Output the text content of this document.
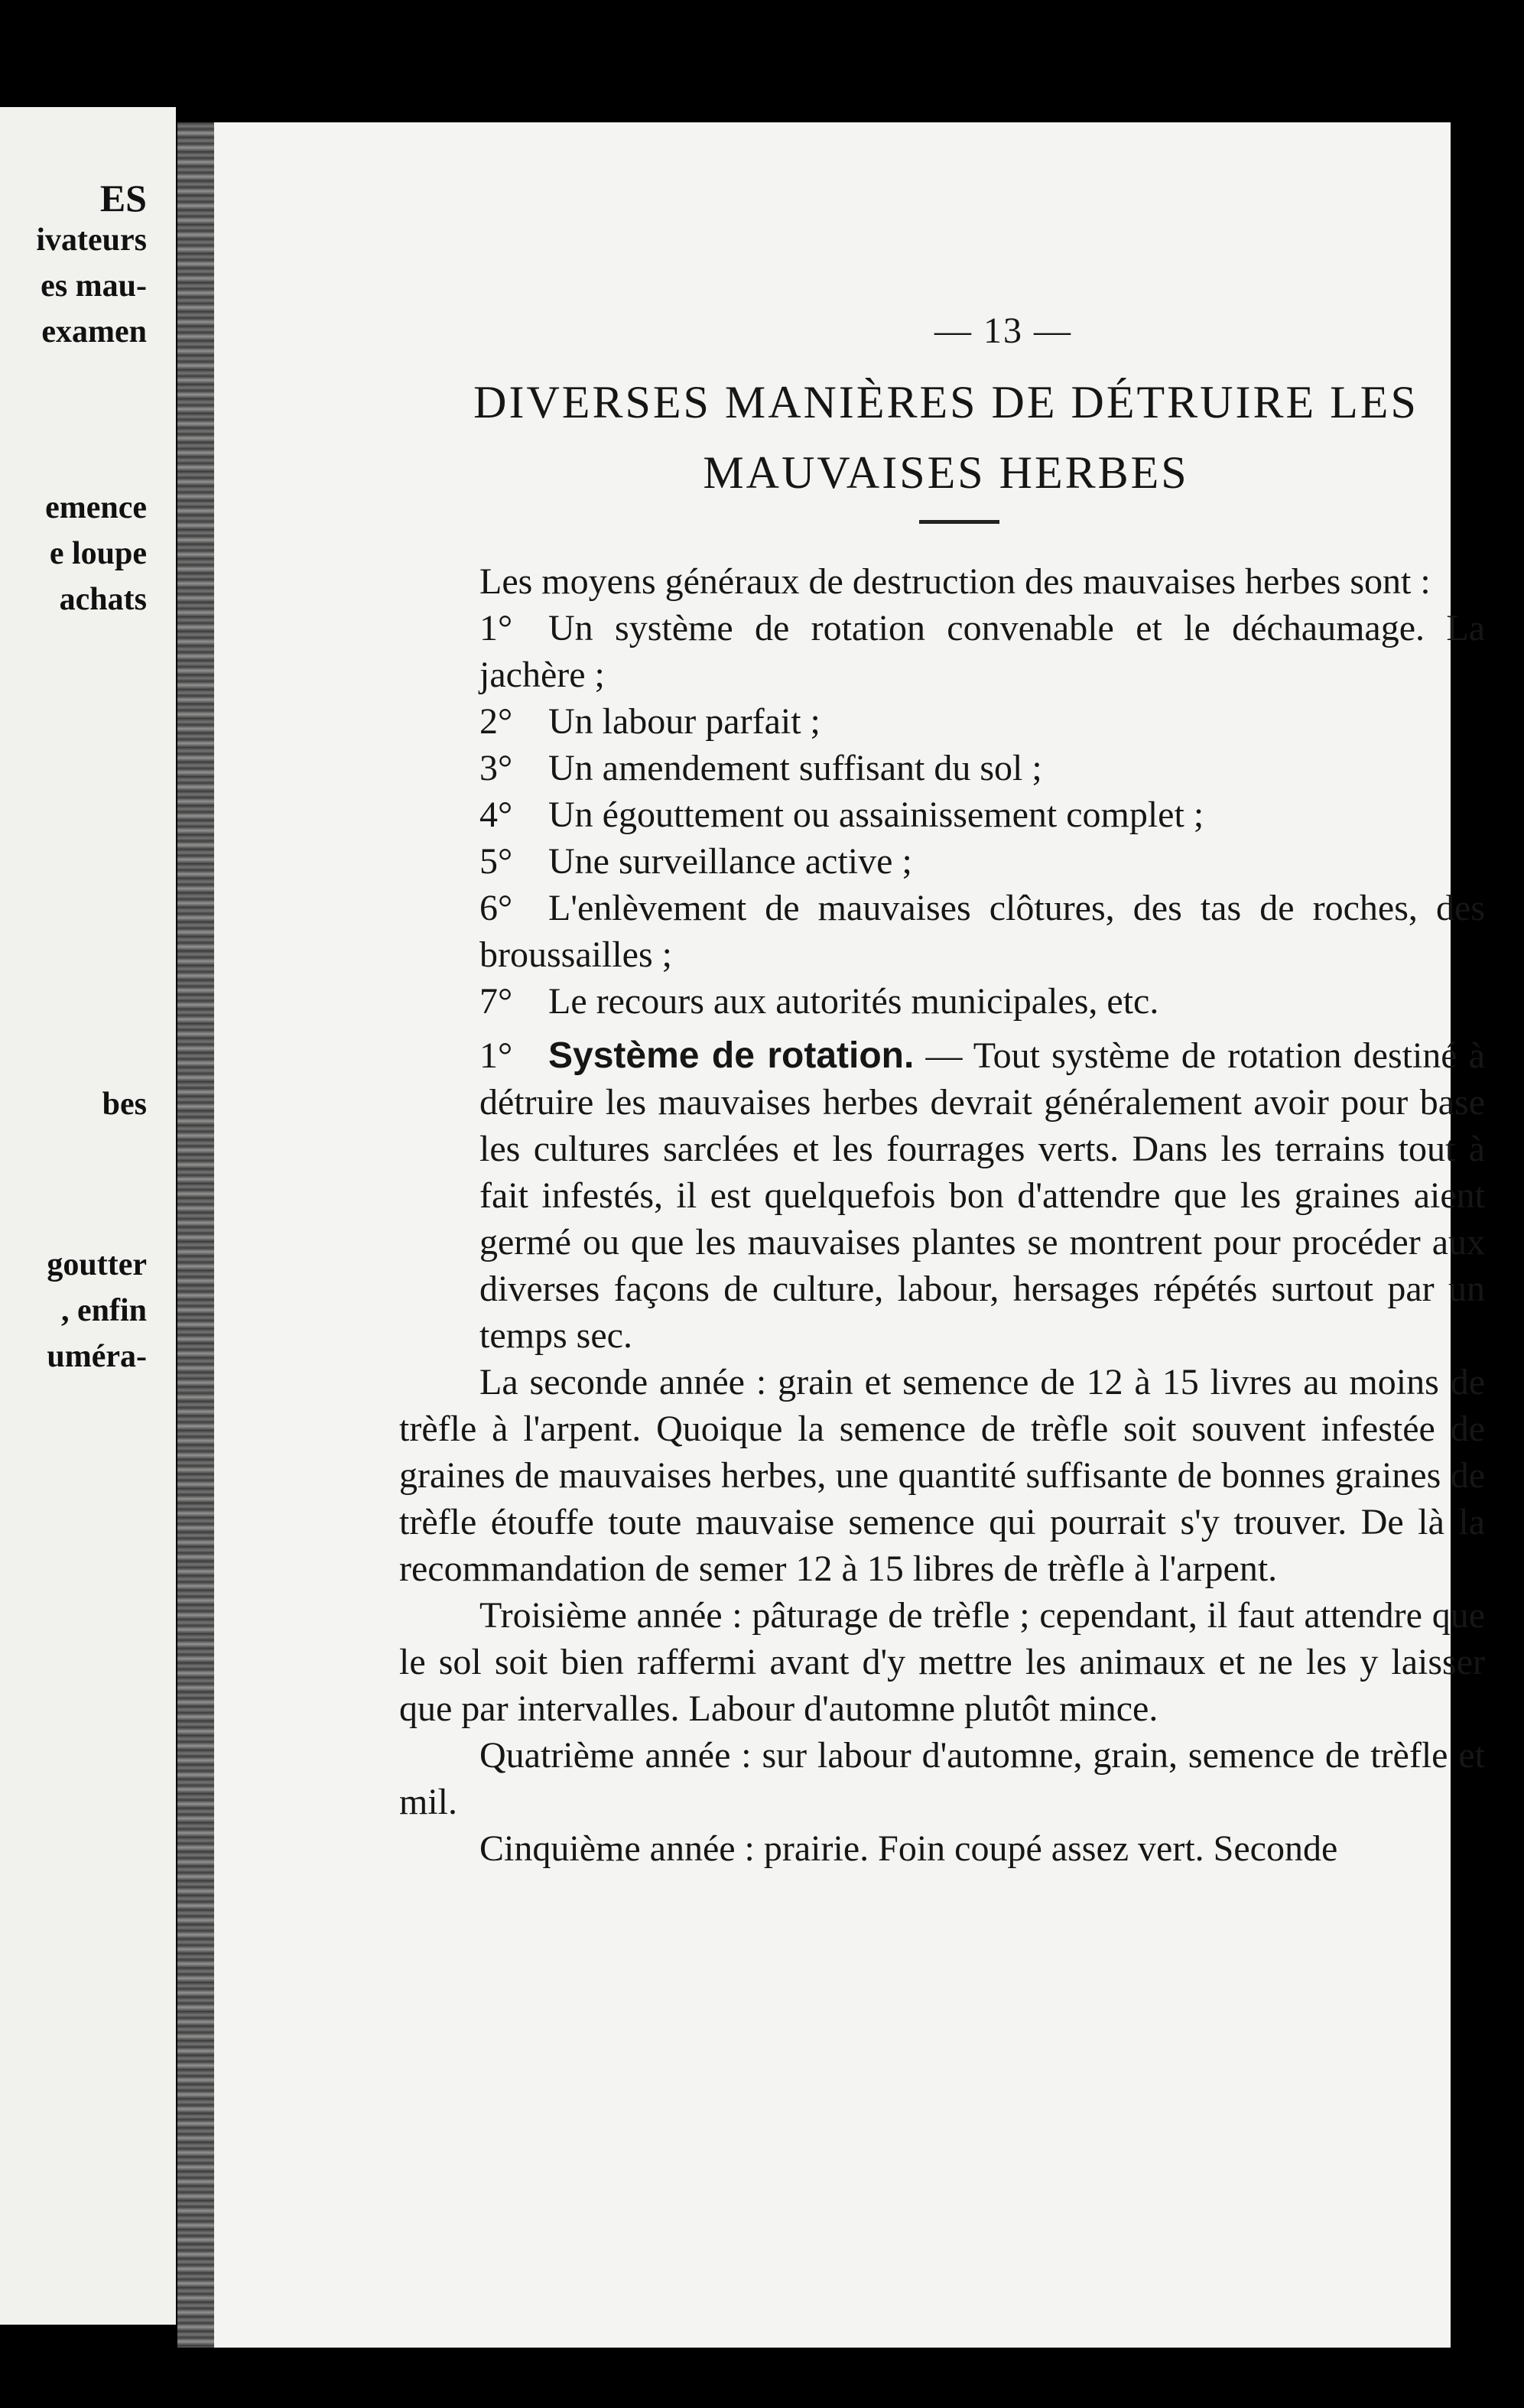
ES
ivateurs
es mau-
examen
emence
e loupe
achats
bes
goutter
, enfin
uméra-
— 13 —
DIVERSES MANIÈRES DE DÉTRUIRE LES
MAUVAISES HERBES

Les moyens généraux de destruction des mauvaises herbes sont :

1° Un système de rotation convenable et le déchaumage. La jachère ;

2° Un labour parfait ;

3° Un amendement suffisant du sol ;

4° Un égouttement ou assainissement complet ;

5° Une surveillance active ;

6° L'enlèvement de mauvaises clôtures, des tas de roches, des broussailles ;

7° Le recours aux autorités municipales, etc.

1° Système de rotation. — Tout système de rotation destiné à détruire les mauvaises herbes devrait généralement avoir pour base les cultures sarclées et les fourrages verts. Dans les terrains tout à fait infestés, il est quelquefois bon d'attendre que les graines aient germé ou que les mauvaises plantes se montrent pour procéder aux diverses façons de culture, labour, hersages répétés surtout par un temps sec.

La seconde année : grain et semence de 12 à 15 livres au moins de trèfle à l'arpent. Quoique la semence de trèfle soit souvent infestée de graines de mauvaises herbes, une quantité suffisante de bonnes graines de trèfle étouffe toute mauvaise semence qui pourrait s'y trouver. De là la recommandation de semer 12 à 15 libres de trèfle à l'arpent.

Troisième année : pâturage de trèfle ; cependant, il faut attendre que le sol soit bien raffermi avant d'y mettre les animaux et ne les y laisser que par intervalles. Labour d'automne plutôt mince.

Quatrième année : sur labour d'automne, grain, semence de trèfle et mil.

Cinquième année : prairie. Foin coupé assez vert. Seconde
